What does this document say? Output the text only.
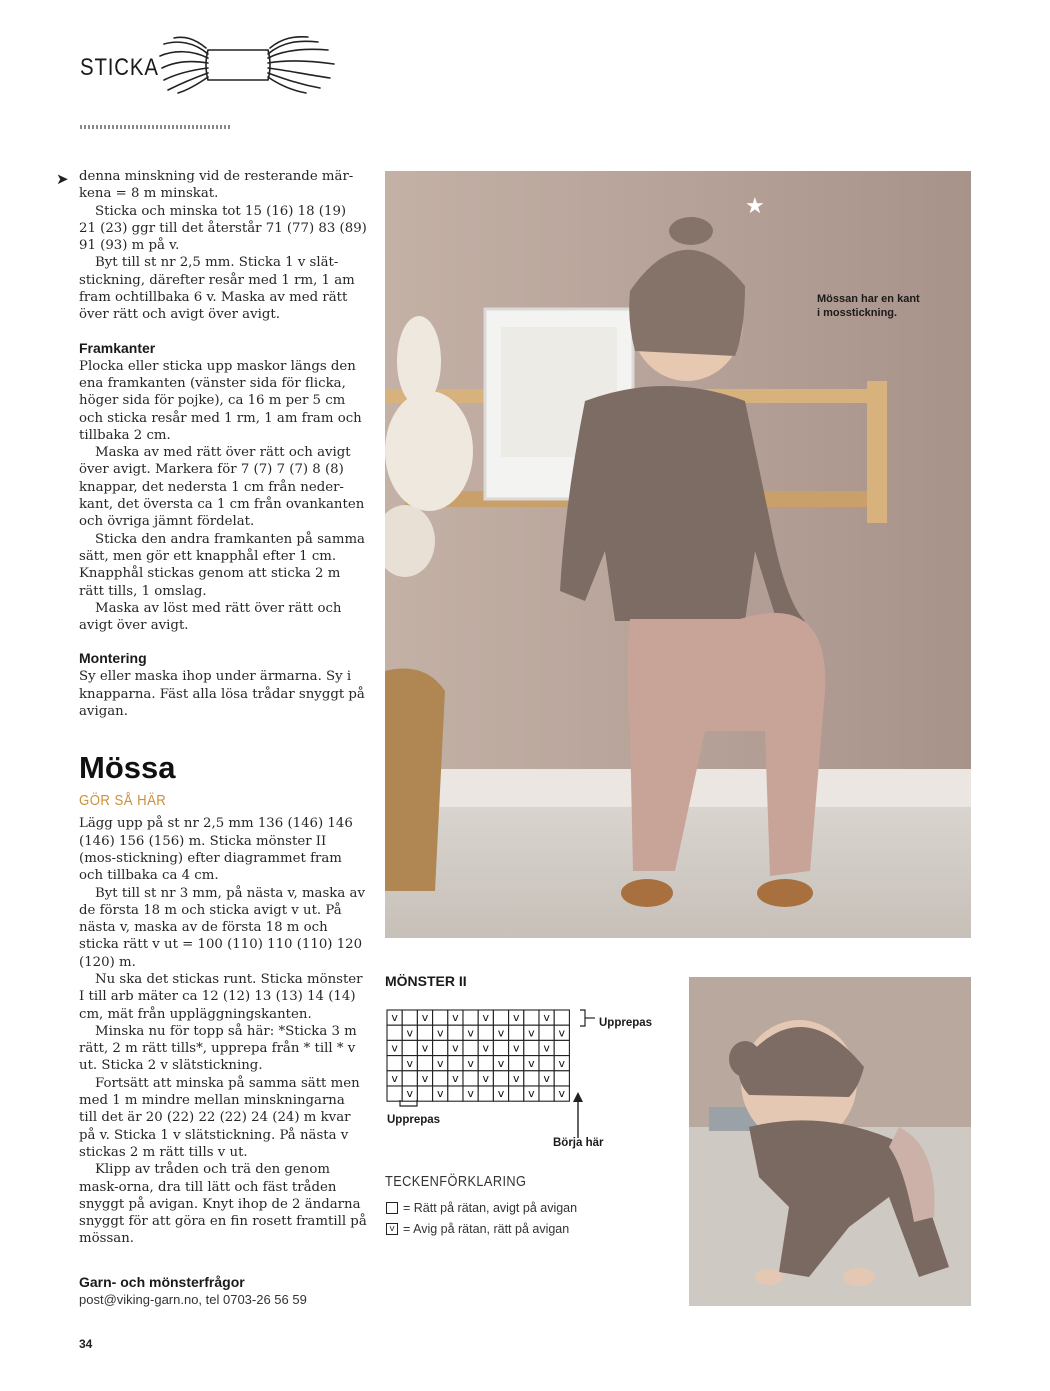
STICKA
➤ denna minskning vid de resterande mär-kena = 8 m minskat.

Sticka och minska tot 15 (16) 18 (19) 21 (23) ggr till det återstår 71 (77) 83 (89) 91 (93) m på v.

Byt till st nr 2,5 mm. Sticka 1 v slät-stickning, därefter resår med 1 rm, 1 am fram ochtillbaka 6 v. Maska av med rätt över rätt och avigt över avigt.

Framkanter

Plocka eller sticka upp maskor längs den ena framkanten (vänster sida för flicka, höger sida för pojke), ca 16 m per 5 cm och sticka resår med 1 rm, 1 am fram och tillbaka 2 cm.

Maska av med rätt över rätt och avigt över avigt. Markera för 7 (7) 7 (7) 8 (8) knappar, det nedersta 1 cm från neder-kant, det översta ca 1 cm från ovankanten och övriga jämnt fördelat.

Sticka den andra framkanten på samma sätt, men gör ett knapphål efter 1 cm. Knapphål stickas genom att sticka 2 m rätt tills, 1 omslag.

Maska av löst med rätt över rätt och avigt över avigt.

Montering

Sy eller maska ihop under ärmarna. Sy i knapparna. Fäst alla lösa trådar snyggt på avigan.

Mössa
GÖR SÅ HÄR

Lägg upp på st nr 2,5 mm 136 (146) 146 (146) 156 (156) m. Sticka mönster II (mos-stickning) efter diagrammet fram och tillbaka ca 4 cm.

Byt till st nr 3 mm, på nästa v, maska av de första 18 m och sticka avigt v ut. På nästa v, maska av de första 18 m och sticka rätt v ut = 100 (110) 110 (110) 120 (120) m.

Nu ska det stickas runt. Sticka mönster I till arb mäter ca 12 (12) 13 (13) 14 (14) cm, mät från uppläggningskanten.

Minska nu för topp så här: *Sticka 3 m rätt, 2 m rätt tills*, upprepa från * till * v ut. Sticka 2 v slätstickning.

Fortsätt att minska på samma sätt men med 1 m mindre mellan minskningarna till det är 20 (22) 22 (22) 24 (24) m kvar på v. Sticka 1 v slätstickning. På nästa v stickas 2 m rätt tills v ut.

Klipp av tråden och trä den genom mask-orna, dra till lätt och fäst tråden snyggt på avigan. Knyt ihop de 2 ändarna snyggt för att göra en fin rosett framtill på mössan.

Garn- och mönsterfrågor
post@viking-garn.no, tel 0703-26 56 59
34
★
Mössan har en kant
i mosstickning.
MÖNSTER II
v v v v v v
v v v v v v
v v v v v v
v v v v v v
v v v v v v
v v v v v v
Upprepas
Upprepas
Börja här
TECKENFÖRKLARING
= Rätt på rätan, avigt på avigan
v = Avig på rätan, rätt på avigan
